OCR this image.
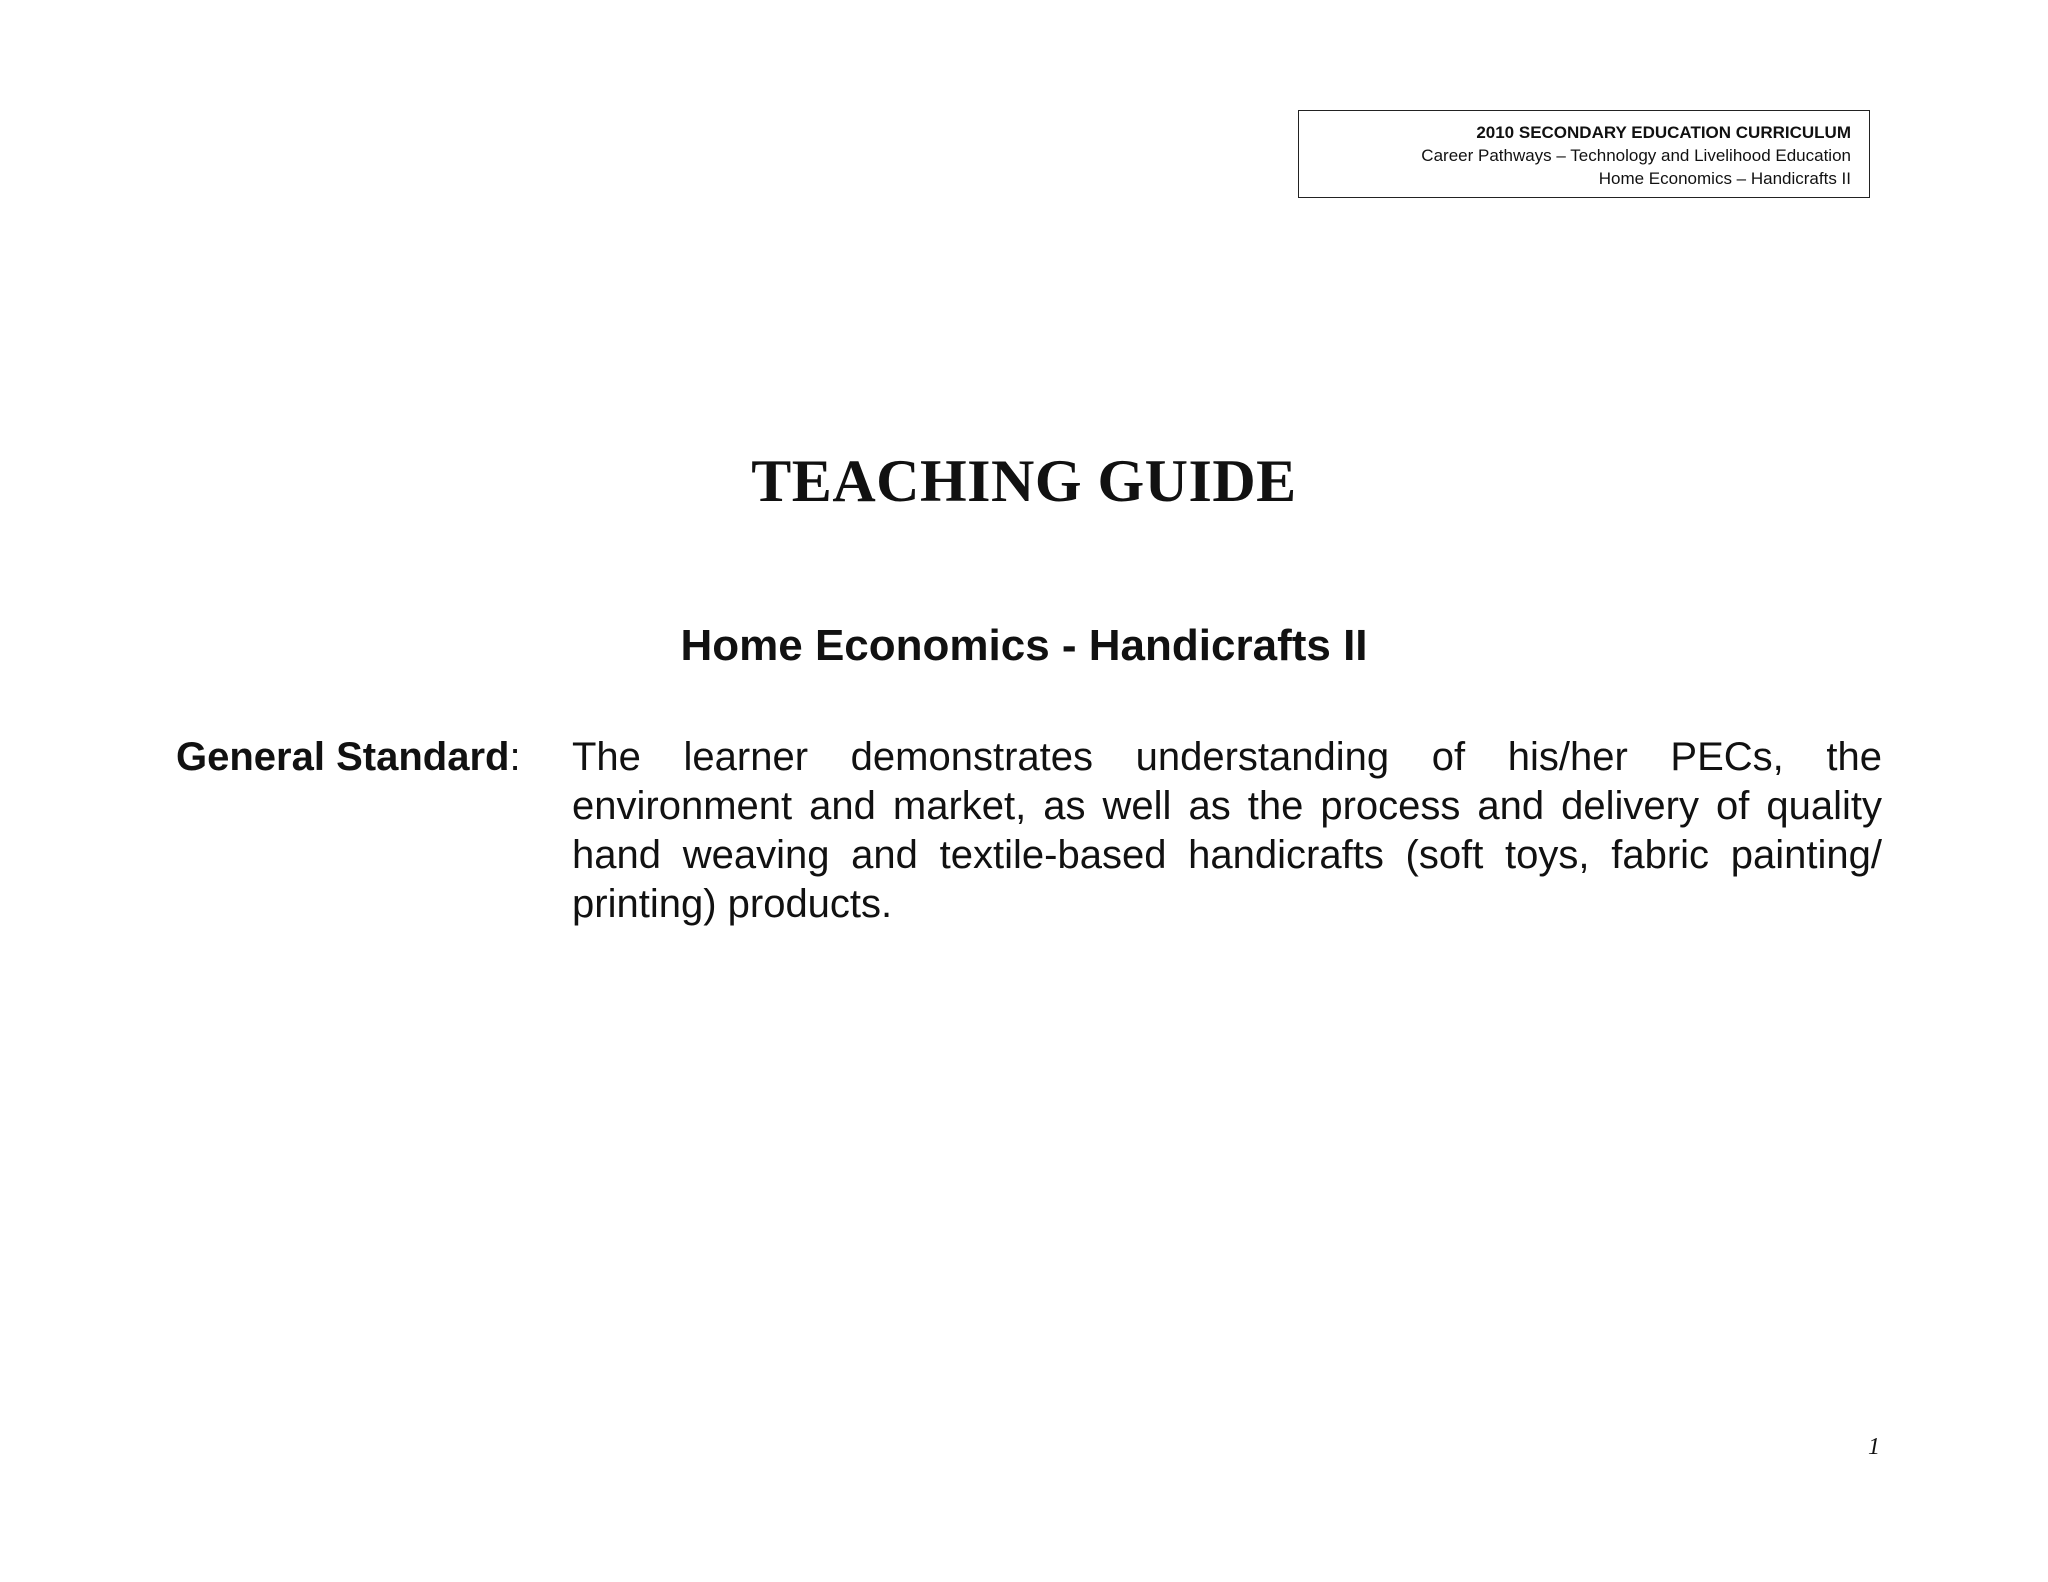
2010 SECONDARY EDUCATION CURRICULUM
Career Pathways – Technology and Livelihood Education
Home Economics – Handicrafts II
TEACHING GUIDE
Home Economics - Handicrafts II
General Standard: The learner demonstrates understanding of his/her PECs, the environment and market, as well as the process and delivery of quality hand weaving and textile-based handicrafts (soft toys, fabric painting/ printing) products.

1
